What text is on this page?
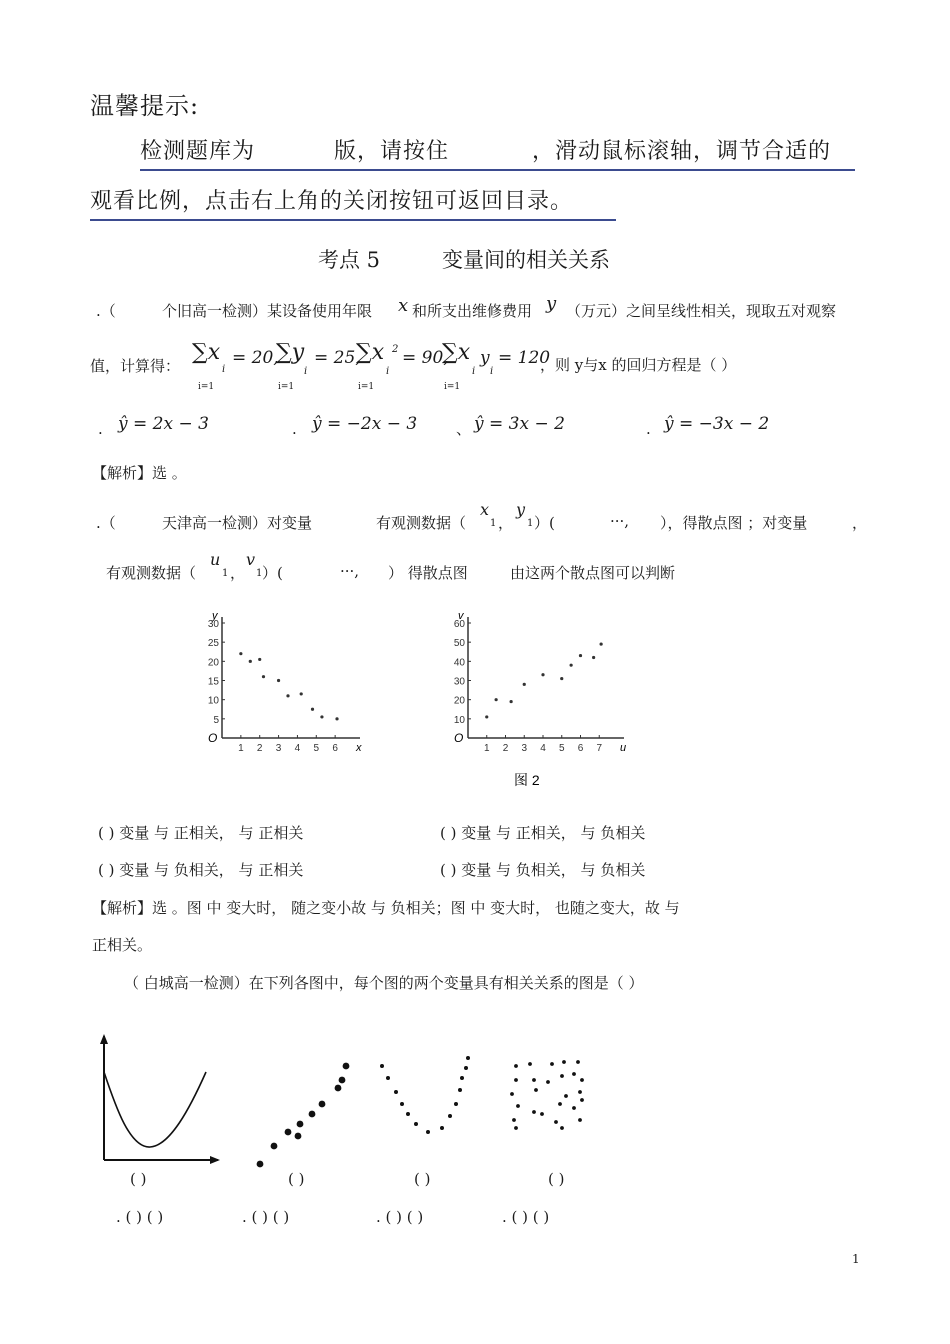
温馨提示:
检测题库为	版，请按住	，滑动鼠标滚轴，调节合适的
观看比例，点击右上角的关闭按钮可返回目录。
考点 5	变量间的相关关系
.（	个旧高一检测）某设备使用年限 x 和所支出维修费用 y （万元）之间呈线性相关，现取五对观察
值，计算得：
∑x
i
= 20,
i=1
∑y
i
= 25,
i=1
∑x 2
i
= 90,
i=1
∑x
i
y
i
= 120
i=1
，则 y与x 的回归方程是（ ）
. ŷ = 2x − 3	. ŷ = −2x − 3	、 ŷ = 3x − 2	. ŷ = −3x − 2
【解析】选 。
.（	天津高一检测）对变量	有观测数据（
x
1 ，
y
1 ）(	···, ），得散点图 ；对变量	，
有观测数据（
u
1 ，
v
1 ）(	···, ） 得散点图	由这两个散点图可以判断
5
10
15
20
25
30
1 2 3 4 5 6
y
x
O
10
20
30
40
50
60
1 2 3 4 5 6 7
v
u
O
图 2
( ) 变量 与 正相关， 与 正相关	( ) 变量 与 正相关， 与 负相关
( ) 变量 与 负相关， 与 正相关	( ) 变量 与 负相关， 与 负相关
【解析】选 。图 中 变大时， 随之变小故 与 负相关；图 中 变大时， 也随之变大，故 与
正相关。
（ 白城高一检测）在下列各图中，每个图的两个变量具有相关关系的图是（ ）
( )	( )	( )	( )
. ( ) ( )	. ( ) ( )	. ( ) ( )	. ( ) ( )
1
